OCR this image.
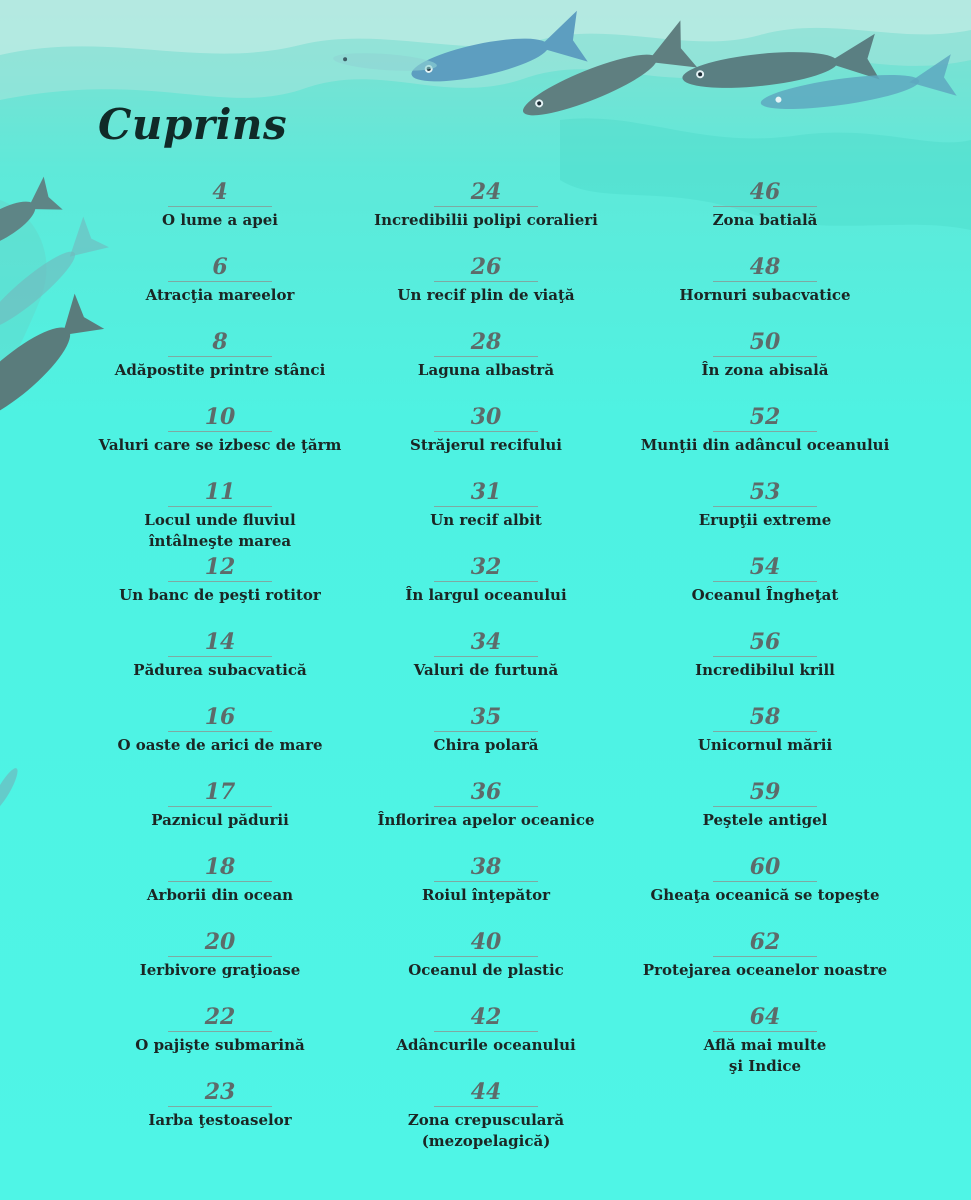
Cuprins
4
O lume a apei
6
Atracţia mareelor
8
Adăpostite printre stânci
10
Valuri care se izbesc de ţărm
11
Locul unde fluviul
întâlneşte marea
12
Un banc de peşti rotitor
14
Pădurea subacvatică
16
O oaste de arici de mare
17
Paznicul pădurii
18
Arborii din ocean
20
Ierbivore graţioase
22
O pajişte submarină
23
Iarba ţestoaselor
24
Incredibilii polipi coralieri
26
Un recif plin de viaţă
28
Laguna albastră
30
Străjerul recifului
31
Un recif albit
32
În largul oceanului
34
Valuri de furtună
35
Chira polară
36
Înflorirea apelor oceanice
38
Roiul înţepător
40
Oceanul de plastic
42
Adâncurile oceanului
44
Zona crepusculară
(mezopelagică)
46
Zona batială
48
Hornuri subacvatice
50
În zona abisală
52
Munţii din adâncul oceanului
53
Erupţii extreme
54
Oceanul Îngheţat
56
Incredibilul krill
58
Unicornul mării
59
Peştele antigel
60
Gheaţa oceanică se topeşte
62
Protejarea oceanelor noastre
64
Află mai multe
şi Indice
